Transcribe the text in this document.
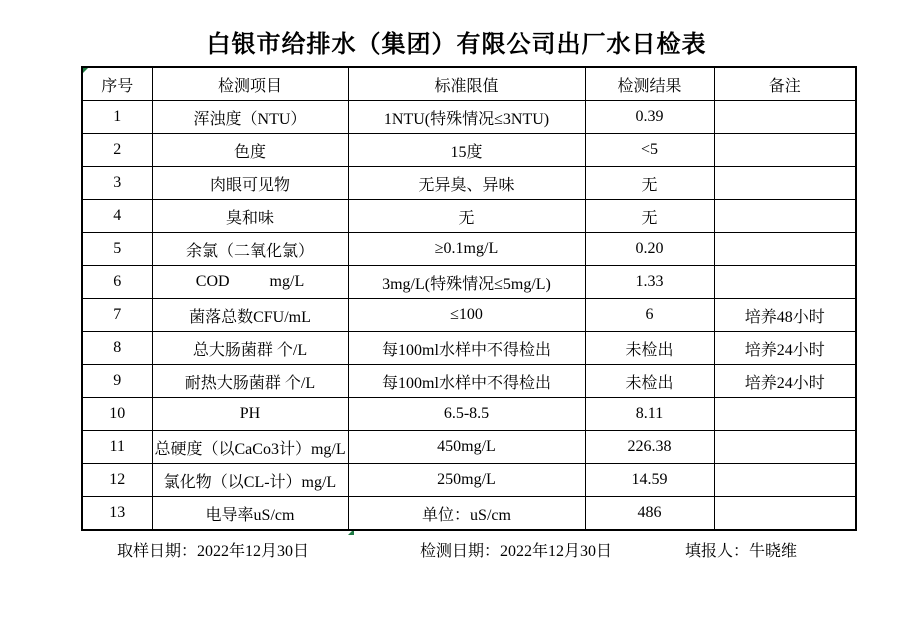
白银市给排水（集团）有限公司出厂水日检表
序号	检测项目	标准限值	检测结果	备注
1	浑浊度（NTU）	1NTU(特殊情况≤3NTU)	0.39	
2	色度	15度	<5	
3	肉眼可见物	无异臭、异味	无	
4	臭和味	无	无	
5	余氯（二氧化氯）	≥0.1mg/L	0.20	
6	COD          mg/L	3mg/L(特殊情况≤5mg/L)	1.33	
7	菌落总数CFU/mL	≤100	6	培养48小时
8	总大肠菌群 个/L	每100ml水样中不得检出	未检出	培养24小时
9	耐热大肠菌群 个/L	每100ml水样中不得检出	未检出	培养24小时
10	PH	6.5-8.5	8.11	
11	总硬度（以CaCo3计）mg/L	450mg/L	226.38	
12	氯化物（以CL-计）mg/L	250mg/L	14.59	
13	电导率uS/cm	单位：uS/cm	486	
取样日期：2022年12月30日	检测日期：2022年12月30日	填报人：牛晓维
